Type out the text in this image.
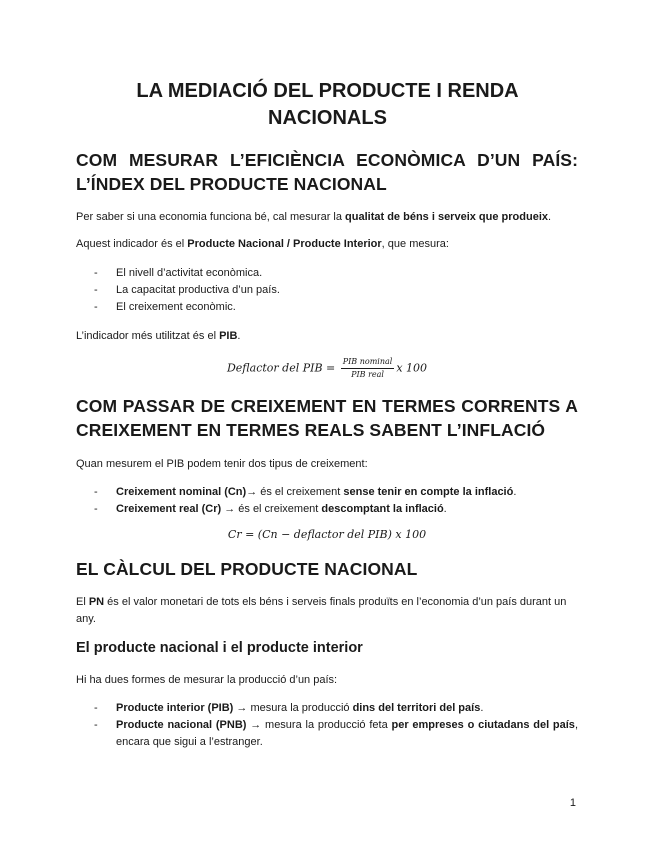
LA MEDIACIÓ DEL PRODUCTE I RENDA
NACIONALS
COM MESURAR L’EFICIÈNCIA ECONÒMICA D’UN PAÍS:
L’ÍNDEX DEL PRODUCTE NACIONAL

Per saber si una economia funciona bé, cal mesurar la qualitat de béns i serveix que produeix.

Aquest indicador és el Producte Nacional / Producte Interior, que mesura:

- El nivell d’activitat econòmica.
- La capacitat productiva d’un país.
- El creixement econòmic.

L’indicador més utilitzat és el PIB.

Deflactor del PIB = $\frac{\text{PIB nominal}}{\text{PIB real}}$ x 100
COM PASSAR DE CREIXEMENT EN TERMES CORRENTS A
CREIXEMENT EN TERMES REALS SABENT L’INFLACIÓ

Quan mesurem el PIB podem tenir dos tipus de creixement:

- Creixement nominal (Cn)→ és el creixement sense tenir en compte la inflació.
- Creixement real (Cr) → és el creixement descomptant la inflació.
Cr = (Cn − deflactor del PIB) x 100
EL CÀLCUL DEL PRODUCTE NACIONAL

El PN és el valor monetari de tots els béns i serveis finals produïts en l’economia d’un país durant un any.

El producte nacional i el producte interior

Hi ha dues formes de mesurar la producció d’un país:

- Producte interior (PIB) → mesura la producció dins del territori del país.
- Producte nacional (PNB) → mesura la producció feta per empreses o ciutadans del país, encara que sigui a l’estranger.
1
